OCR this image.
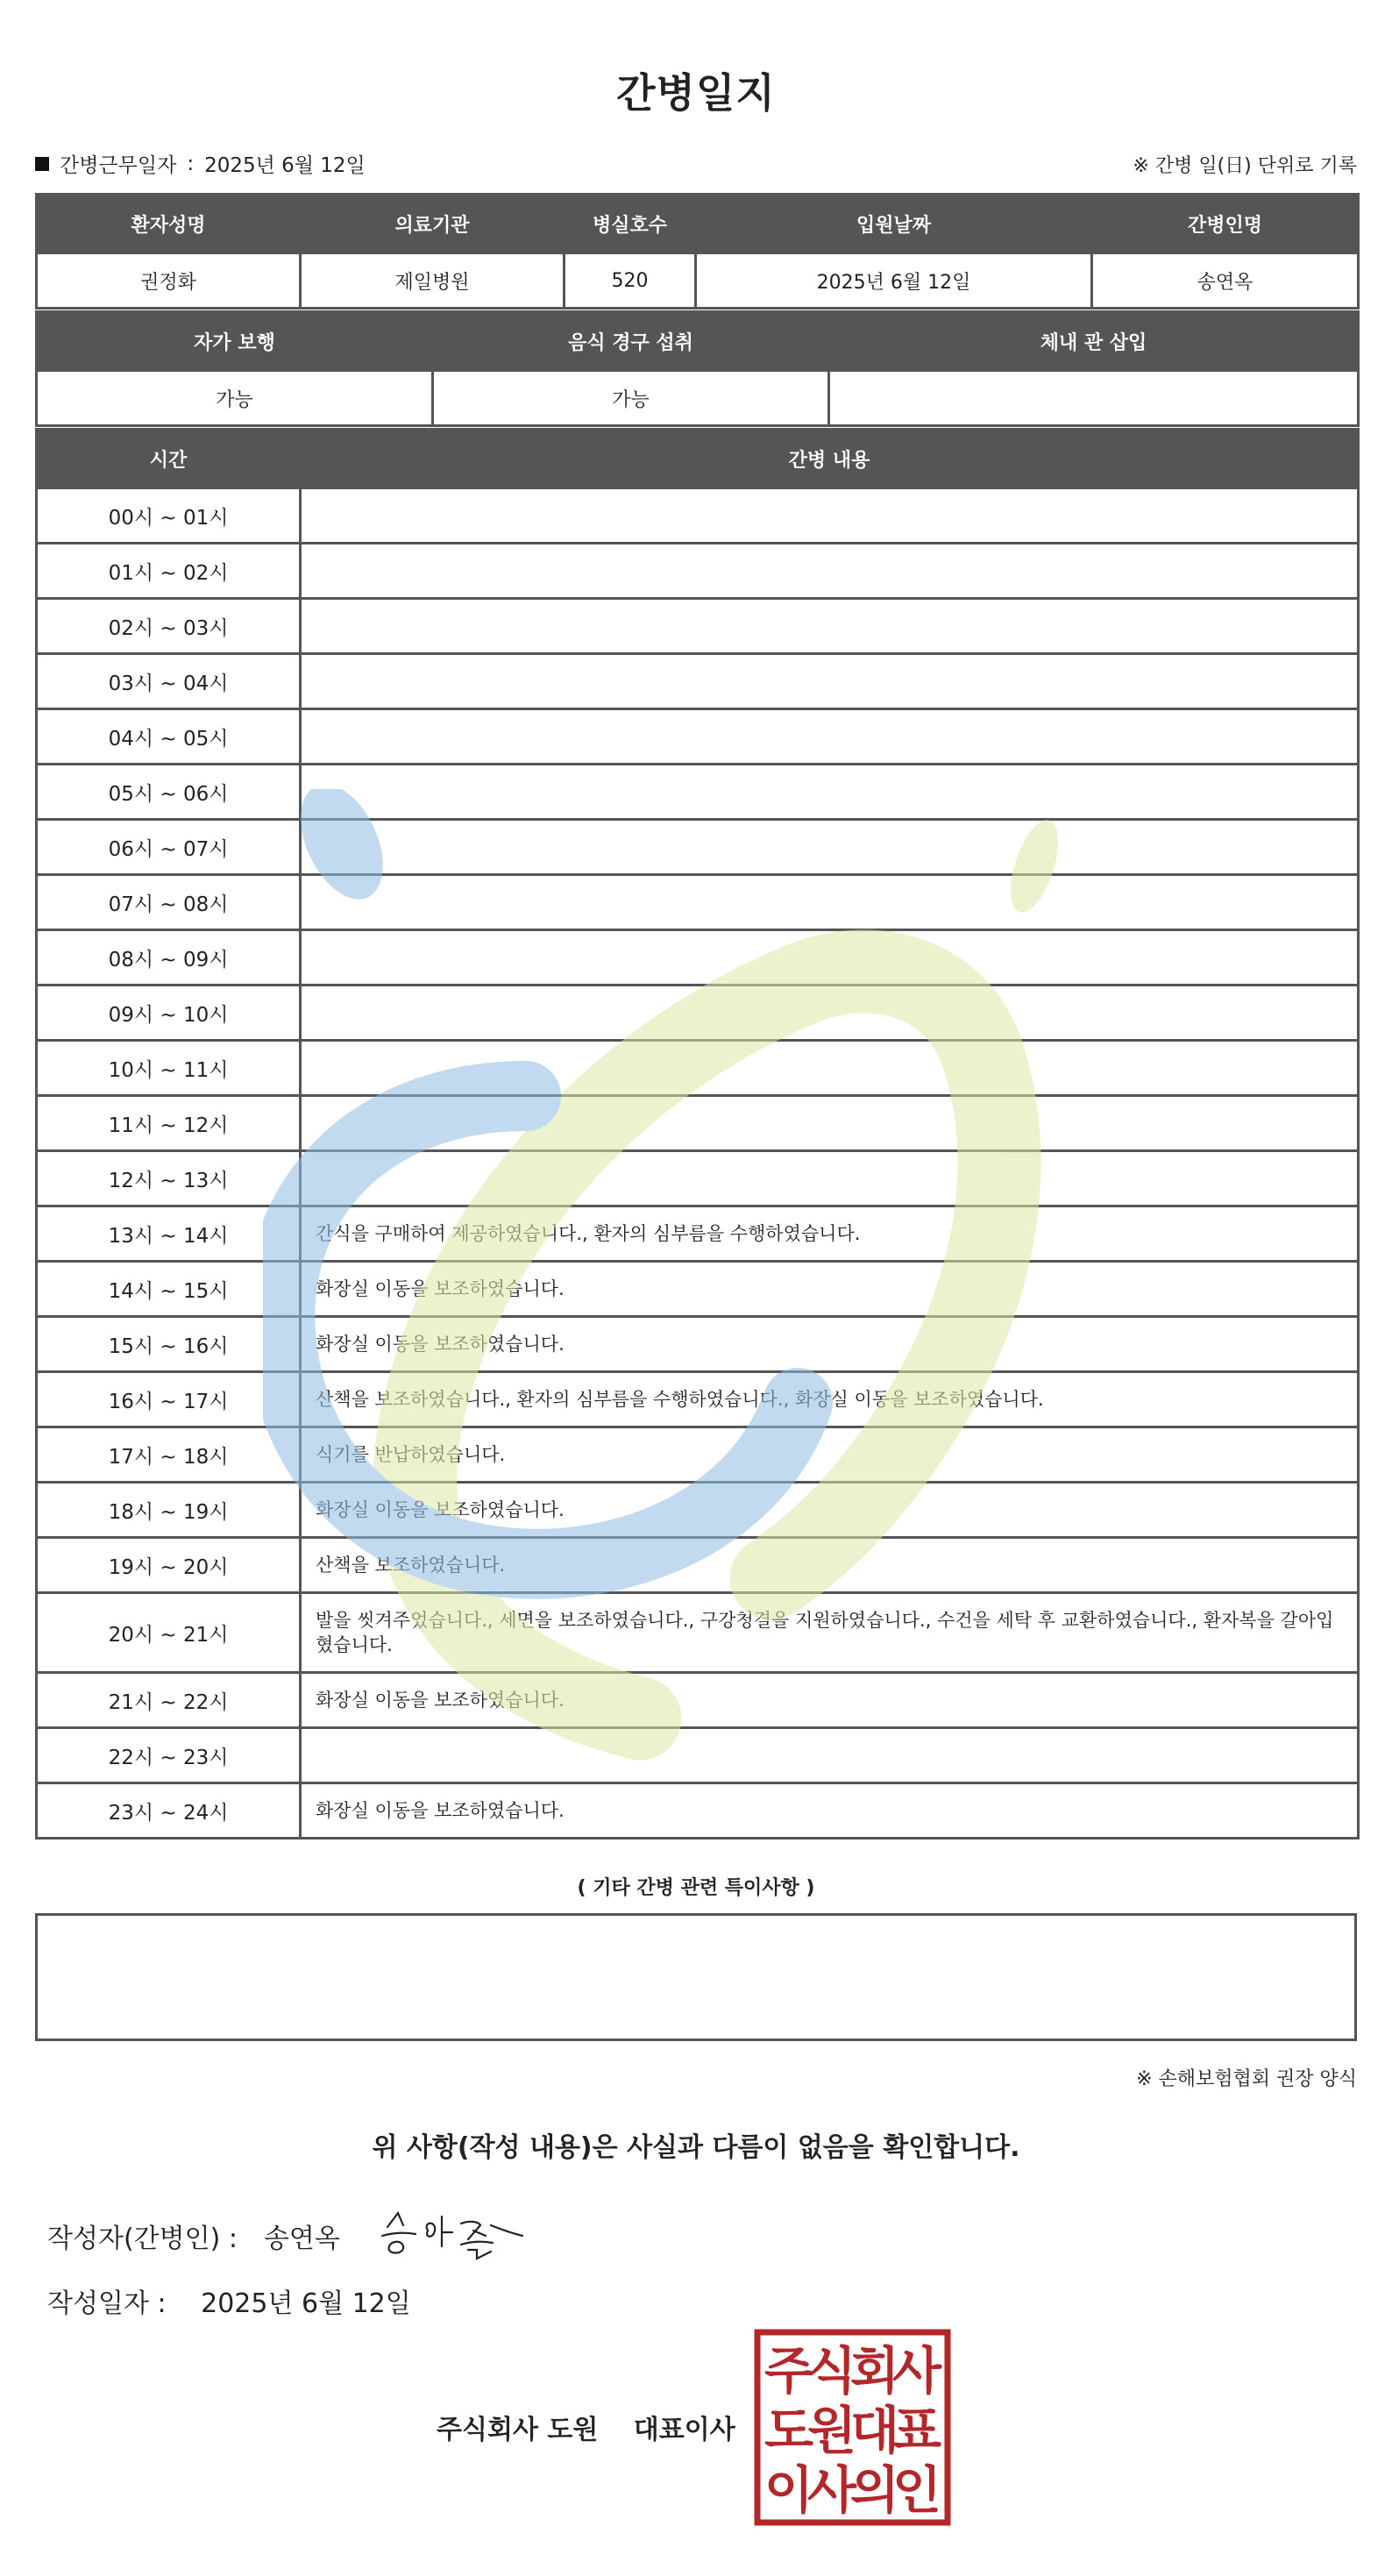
간병일지
간병근무일자 : 2025년 6월 12일	※ 간병 일(日) 단위로 기록
환자성명	의료기관	병실호수	입원날짜	간병인명
권정화	제일병원	520	2025년 6월 12일	송연옥
자가 보행	음식 경구 섭취	체내 관 삽입
가능	가능	
시간	간병 내용
00시 ~ 01시	
01시 ~ 02시	
02시 ~ 03시	
03시 ~ 04시	
04시 ~ 05시	
05시 ~ 06시	
06시 ~ 07시	
07시 ~ 08시	
08시 ~ 09시	
09시 ~ 10시	
10시 ~ 11시	
11시 ~ 12시	
12시 ~ 13시	
13시 ~ 14시	간식을 구매하여 제공하였습니다., 환자의 심부름을 수행하였습니다.
14시 ~ 15시	화장실 이동을 보조하였습니다.
15시 ~ 16시	화장실 이동을 보조하였습니다.
16시 ~ 17시	산책을 보조하였습니다., 환자의 심부름을 수행하였습니다., 화장실 이동을 보조하였습니다.
17시 ~ 18시	식기를 반납하였습니다.
18시 ~ 19시	화장실 이동을 보조하였습니다.
19시 ~ 20시	산책을 보조하였습니다.
20시 ~ 21시	발을 씻겨주었습니다., 세면을 보조하였습니다., 구강청결을 지원하였습니다., 수건을 세탁 후 교환하였습니다., 환자복을 갈아입혔습니다.
21시 ~ 22시	화장실 이동을 보조하였습니다.
22시 ~ 23시	
23시 ~ 24시	화장실 이동을 보조하였습니다.
( 기타 간병 관련 특이사항 )
※ 손해보험협회 권장 양식
위 사항(작성 내용)은 사실과 다름이 없음을 확인합니다.
작성자(간병인) : 송연옥
작성일자 : 2025년 6월 12일
주식회사 도원 대표이사
주
식
회
사
도
원
대
표
이
사
의
인
